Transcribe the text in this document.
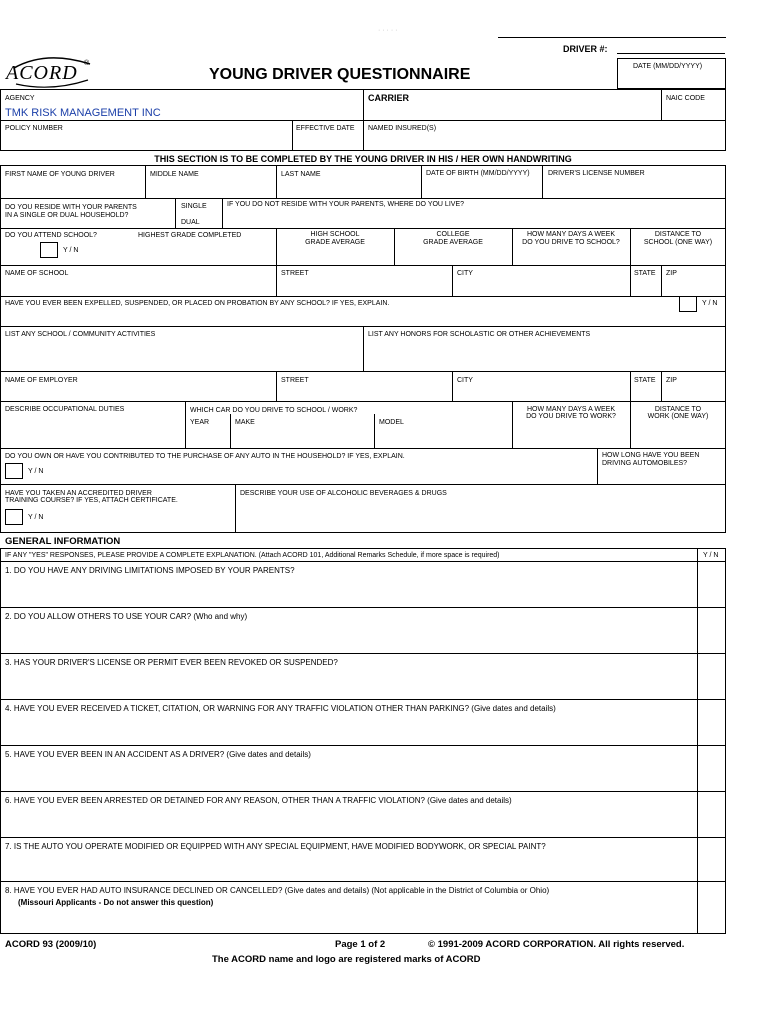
· · · · ·
DRIVER #:
ACORD ®
YOUNG DRIVER QUESTIONNAIRE	DATE (MM/DD/YYYY)
AGENCY
TMK RISK MANAGEMENT INC
CARRIER	NAIC CODE
POLICY NUMBER	EFFECTIVE DATE NAMED INSURED(S)
THIS SECTION IS TO BE COMPLETED BY THE YOUNG DRIVER IN HIS / HER OWN HANDWRITING
FIRST NAME OF YOUNG DRIVER	MIDDLE NAME	LAST NAME	DATE OF BIRTH (MM/DD/YYYY)	DRIVER'S LICENSE NUMBER
DO YOU RESIDE WITH YOUR PARENTS
IN A SINGLE OR DUAL HOUSEHOLD?
SINGLE
DUAL
IF YOU DO NOT RESIDE WITH YOUR PARENTS, WHERE DO YOU LIVE?
DO YOU ATTEND SCHOOL?
Y / N
HIGHEST GRADE COMPLETED	HIGH SCHOOL
GRADE AVERAGE
COLLEGE
GRADE AVERAGE
HOW MANY DAYS A WEEK
DO YOU DRIVE TO SCHOOL?
DISTANCE TO
SCHOOL (ONE WAY)
NAME OF SCHOOL	STREET	CITY	STATE ZIP
HAVE YOU EVER BEEN EXPELLED, SUSPENDED, OR PLACED ON PROBATION BY ANY SCHOOL? IF YES, EXPLAIN.	Y / N
LIST ANY SCHOOL / COMMUNITY ACTIVITIES	LIST ANY HONORS FOR SCHOLASTIC OR OTHER ACHIEVEMENTS
NAME OF EMPLOYER	STREET	CITY	STATE ZIP
DESCRIBE OCCUPATIONAL DUTIES	WHICH CAR DO YOU DRIVE TO SCHOOL / WORK?
YEAR	MAKE	MODEL
HOW MANY DAYS A WEEK
DO YOU DRIVE TO WORK?
DISTANCE TO
WORK (ONE WAY)
DO YOU OWN OR HAVE YOU CONTRIBUTED TO THE PURCHASE OF ANY AUTO IN THE HOUSEHOLD? IF YES, EXPLAIN.
Y / N
HOW LONG HAVE YOU BEEN
DRIVING AUTOMOBILES?
HAVE YOU TAKEN AN ACCREDITED DRIVER
TRAINING COURSE? IF YES, ATTACH CERTIFICATE.
Y / N
DESCRIBE YOUR USE OF ALCOHOLIC BEVERAGES & DRUGS
GENERAL INFORMATION
IF ANY "YES" RESPONSES, PLEASE PROVIDE A COMPLETE EXPLANATION. (Attach ACORD 101, Additional Remarks Schedule, if more space is required)	Y / N
1. DO YOU HAVE ANY DRIVING LIMITATIONS IMPOSED BY YOUR PARENTS?
2. DO YOU ALLOW OTHERS TO USE YOUR CAR? (Who and why)
3. HAS YOUR DRIVER'S LICENSE OR PERMIT EVER BEEN REVOKED OR SUSPENDED?
4. HAVE YOU EVER RECEIVED A TICKET, CITATION, OR WARNING FOR ANY TRAFFIC VIOLATION OTHER THAN PARKING? (Give dates and details)
5. HAVE YOU EVER BEEN IN AN ACCIDENT AS A DRIVER? (Give dates and details)
6. HAVE YOU EVER BEEN ARRESTED OR DETAINED FOR ANY REASON, OTHER THAN A TRAFFIC VIOLATION? (Give dates and details)
7. IS THE AUTO YOU OPERATE MODIFIED OR EQUIPPED WITH ANY SPECIAL EQUIPMENT, HAVE MODIFIED BODYWORK, OR SPECIAL PAINT?
8. HAVE YOU EVER HAD AUTO INSURANCE DECLINED OR CANCELLED? (Give dates and details) (Not applicable in the District of Columbia or Ohio)
(Missouri Applicants - Do not answer this question)
ACORD 93 (2009/10)	Page 1 of 2	© 1991-2009 ACORD CORPORATION. All rights reserved.
The ACORD name and logo are registered marks of ACORD
